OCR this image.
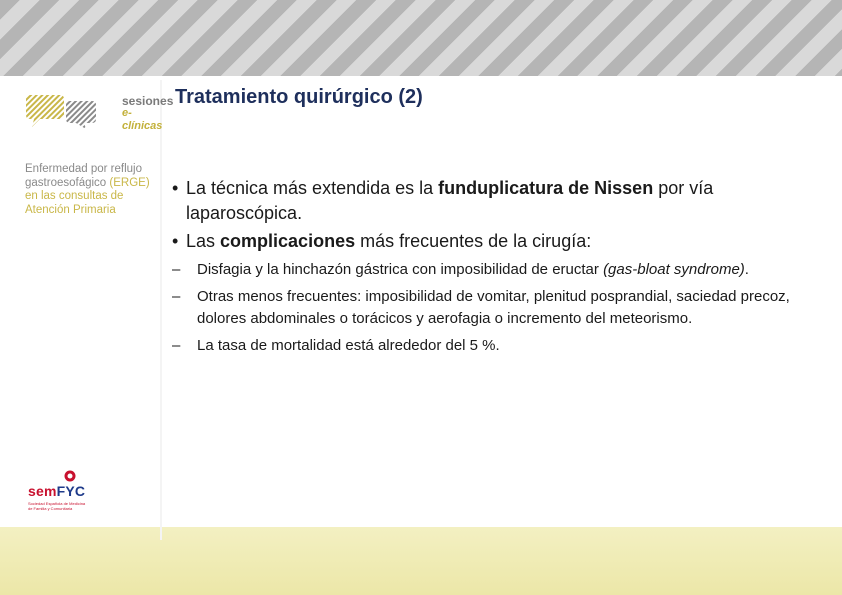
sesiones
e-clínicas
Enfermedad por reflujo
gastroesofágico (ERGE)
en las consultas de
Atención Primaria
semFYC
Sociedad Española de Medicina
de Familia y Comunitaria
Tratamiento quirúrgico (2)

• La técnica más extendida es la funduplicatura de Nissen por vía laparoscópica.

• Las complicaciones más frecuentes de la cirugía:

– Disfagia y la hinchazón gástrica con imposibilidad de eructar (gas-bloat syndrome).

– Otras menos frecuentes: imposibilidad de vomitar, plenitud posprandial, saciedad precoz, dolores abdominales o torácicos y aerofagia o incremento del meteorismo.

– La tasa de mortalidad está alrededor del 5 %.
